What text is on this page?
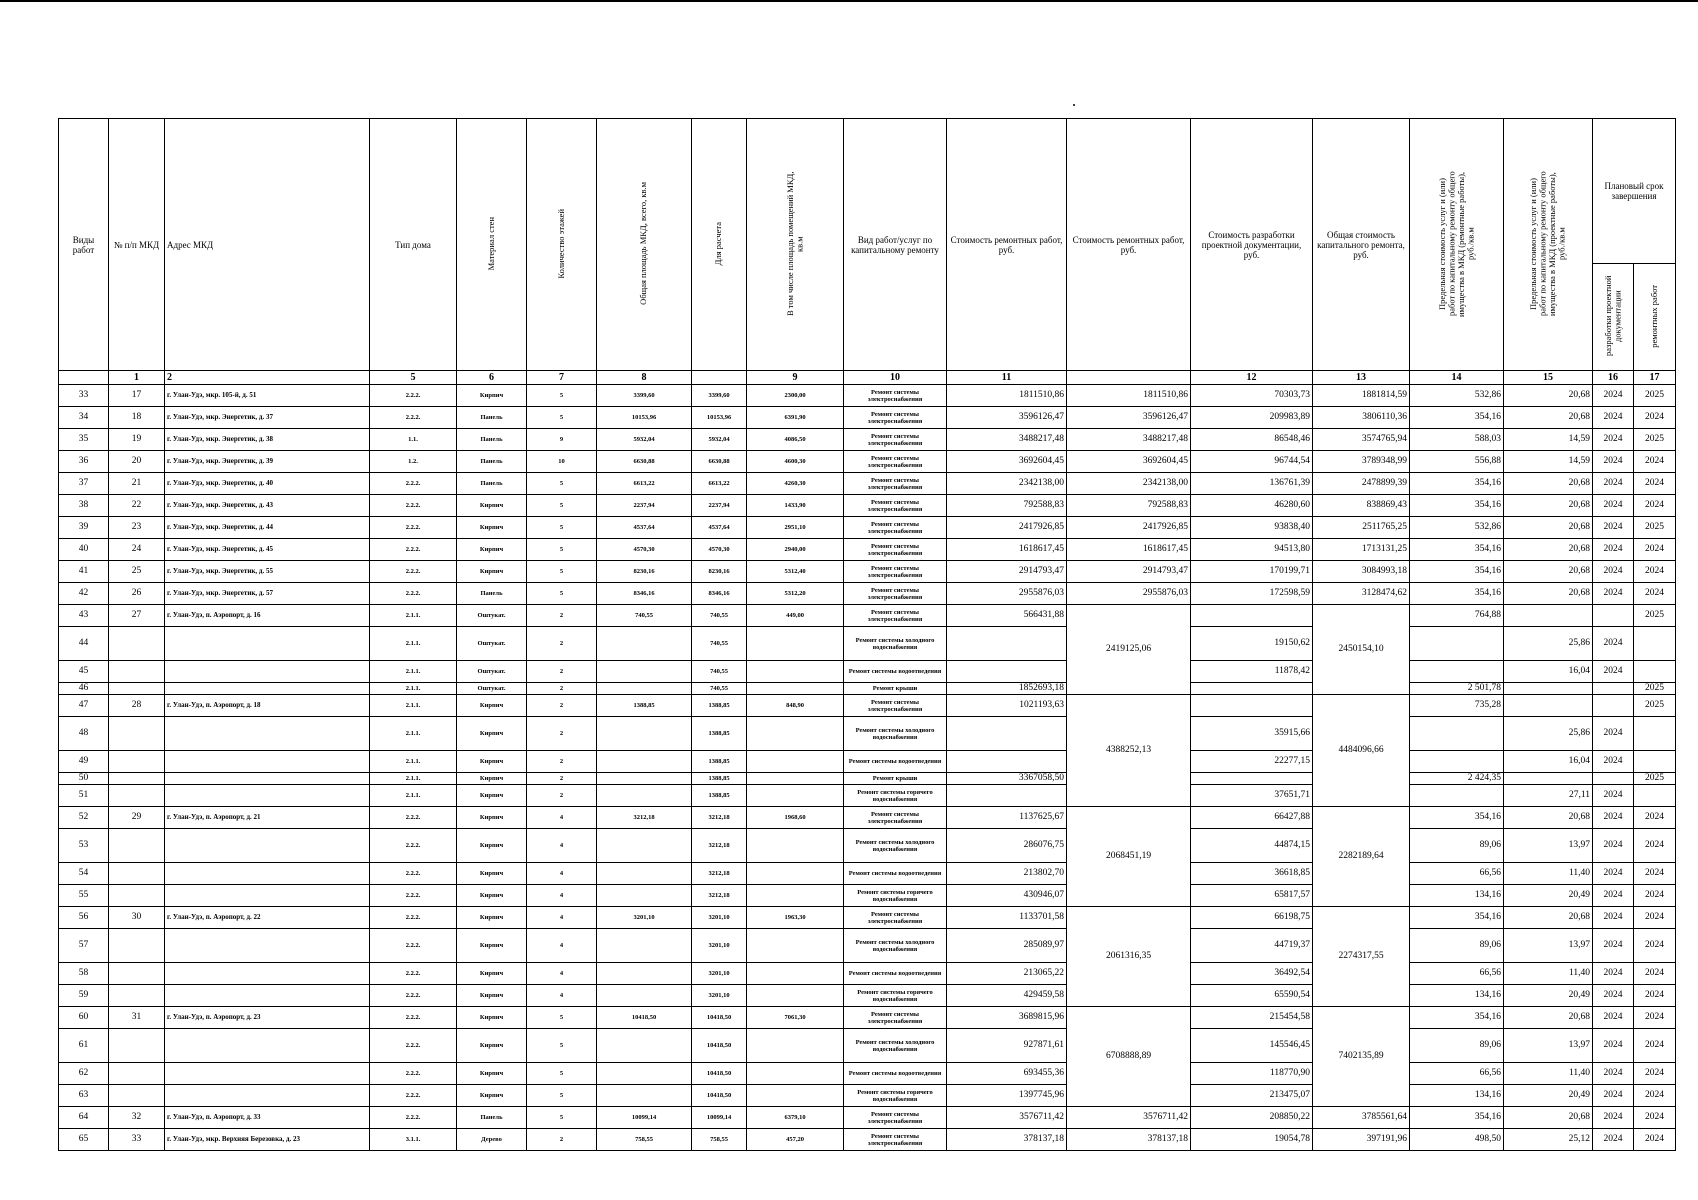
Виды работ	№ п/п МКД	Адрес МКД	Тип дома	Материал стен	Количество этажей	Общая площадь МКД, всего, кв.м	Для расчета	В том числе площадь помещений МКД, кв.м	Вид работ/услуг по капитальному ремонту	Стоимость ремонтных работ, руб.	Стоимость ремонтных работ, руб.	Стоимость разработки проектной документации, руб.	Общая стоимость капитального ремонта, руб.	Предельная стоимость услуг и (или) работ по капитальному ремонту общего имущества в МКД (ремонтные работы), руб./кв.м	Предельная стоимость услуг и (или) работ по капитальному ремонту общего имущества в МКД (проектные работы), руб./кв.м	Плановый срок завершения	
																разработки проектной документации	ремонтных работ
	1	2	5	6	7	8		9	10	11		12	13	14	15	16	17
33	17	г. Улан-Удэ, мкр. 105-й, д. 51	2.2.2.	Кирпич	5	3399,60	3399,60	2300,00	Ремонт системы электроснабжения	1811510,86	1811510,86	70303,73	1881814,59	532,86	20,68	2024	2025
34	18	г. Улан-Удэ, мкр. Энергетик, д. 37	2.2.2.	Панель	5	10153,96	10153,96	6391,90	Ремонт системы электроснабжения	3596126,47	3596126,47	209983,89	3806110,36	354,16	20,68	2024	2024
35	19	г. Улан-Удэ, мкр. Энергетик, д. 38	1.1.	Панель	9	5932,04	5932,04	4086,50	Ремонт системы электроснабжения	3488217,48	3488217,48	86548,46	3574765,94	588,03	14,59	2024	2025
36	20	г. Улан-Удэ, мкр. Энергетик, д. 39	1.2.	Панель	10	6630,88	6630,88	4600,30	Ремонт системы электроснабжения	3692604,45	3692604,45	96744,54	3789348,99	556,88	14,59	2024	2024
37	21	г. Улан-Удэ, мкр. Энергетик, д. 40	2.2.2.	Панель	5	6613,22	6613,22	4260,30	Ремонт системы электроснабжения	2342138,00	2342138,00	136761,39	2478899,39	354,16	20,68	2024	2024
38	22	г. Улан-Удэ, мкр. Энергетик, д. 43	2.2.2.	Кирпич	5	2237,94	2237,94	1433,90	Ремонт системы электроснабжения	792588,83	792588,83	46280,60	838869,43	354,16	20,68	2024	2024
39	23	г. Улан-Удэ, мкр. Энергетик, д. 44	2.2.2.	Кирпич	5	4537,64	4537,64	2951,10	Ремонт системы электроснабжения	2417926,85	2417926,85	93838,40	2511765,25	532,86	20,68	2024	2025
40	24	г. Улан-Удэ, мкр. Энергетик, д. 45	2.2.2.	Кирпич	5	4570,30	4570,30	2940,00	Ремонт системы электроснабжения	1618617,45	1618617,45	94513,80	1713131,25	354,16	20,68	2024	2024
41	25	г. Улан-Удэ, мкр. Энергетик, д. 55	2.2.2.	Кирпич	5	8230,16	8230,16	5312,40	Ремонт системы электроснабжения	2914793,47	2914793,47	170199,71	3084993,18	354,16	20,68	2024	2024
42	26	г. Улан-Удэ, мкр. Энергетик, д. 57	2.2.2.	Панель	5	8346,16	8346,16	5312,20	Ремонт системы электроснабжения	2955876,03	2955876,03	172598,59	3128474,62	354,16	20,68	2024	2024
43	27	г. Улан-Удэ, п. Аэропорт, д. 16	2.1.1.	Оштукат.	2	740,55	740,55	449,00	Ремонт системы электроснабжения	566431,88	2419125,06		2450154,10	764,88			2025
44			2.1.1.	Оштукат.	2		740,55		Ремонт системы холодного водоснабжения			19150,62			25,86	2024	
45			2.1.1.	Оштукат.	2		740,55		Ремонт системы водоотведения			11878,42			16,04	2024	
46			2.1.1.	Оштукат.	2		740,55		Ремонт крыши	1852693,18				2 501,78			2025
47	28	г. Улан-Удэ, п. Аэропорт, д. 18	2.1.1.	Кирпич	2	1388,85	1388,85	848,90	Ремонт системы электроснабжения	1021193,63	4388252,13		4484096,66	735,28			2025
48			2.1.1.	Кирпич	2		1388,85		Ремонт системы холодного водоснабжения			35915,66			25,86	2024	
49			2.1.1.	Кирпич	2		1388,85		Ремонт системы водоотведения			22277,15			16,04	2024	
50			2.1.1.	Кирпич	2		1388,85		Ремонт крыши	3367058,50				2 424,35			2025
51			2.1.1.	Кирпич	2		1388,85		Ремонт системы горячего водоснабжения			37651,71			27,11	2024	
52	29	г. Улан-Удэ, п. Аэропорт, д. 21	2.2.2.	Кирпич	4	3212,18	3212,18	1968,60	Ремонт системы электроснабжения	1137625,67	2068451,19	66427,88	2282189,64	354,16	20,68	2024	2024
53			2.2.2.	Кирпич	4		3212,18		Ремонт системы холодного водоснабжения	286076,75		44874,15		89,06	13,97	2024	2024
54			2.2.2.	Кирпич	4		3212,18		Ремонт системы водоотведения	213802,70		36618,85		66,56	11,40	2024	2024
55			2.2.2.	Кирпич	4		3212,18		Ремонт системы горячего водоснабжения	430946,07		65817,57		134,16	20,49	2024	2024
56	30	г. Улан-Удэ, п. Аэропорт, д. 22	2.2.2.	Кирпич	4	3201,10	3201,10	1963,30	Ремонт системы электроснабжения	1133701,58	2061316,35	66198,75	2274317,55	354,16	20,68	2024	2024
57			2.2.2.	Кирпич	4		3201,10		Ремонт системы холодного водоснабжения	285089,97		44719,37		89,06	13,97	2024	2024
58			2.2.2.	Кирпич	4		3201,10		Ремонт системы водоотведения	213065,22		36492,54		66,56	11,40	2024	2024
59			2.2.2.	Кирпич	4		3201,10		Ремонт системы горячего водоснабжения	429459,58		65590,54		134,16	20,49	2024	2024
60	31	г. Улан-Удэ, п. Аэропорт, д. 23	2.2.2.	Кирпич	5	10418,50	10418,50	7061,30	Ремонт системы электроснабжения	3689815,96	6708888,89	215454,58	7402135,89	354,16	20,68	2024	2024
61			2.2.2.	Кирпич	5		10418,50		Ремонт системы холодного водоснабжения	927871,61		145546,45		89,06	13,97	2024	2024
62			2.2.2.	Кирпич	5		10418,50		Ремонт системы водоотведения	693455,36		118770,90		66,56	11,40	2024	2024
63			2.2.2.	Кирпич	5		10418,50		Ремонт системы горячего водоснабжения	1397745,96		213475,07		134,16	20,49	2024	2024
64	32	г. Улан-Удэ, п. Аэропорт, д. 33	2.2.2.	Панель	5	10099,14	10099,14	6379,10	Ремонт системы электроснабжения	3576711,42	3576711,42	208850,22	3785561,64	354,16	20,68	2024	2024
65	33	г. Улан-Удэ, мкр. Верхняя Березовка, д. 23	3.1.1.	Дерево	2	758,55	758,55	457,20	Ремонт системы электроснабжения	378137,18	378137,18	19054,78	397191,96	498,50	25,12	2024	2024
